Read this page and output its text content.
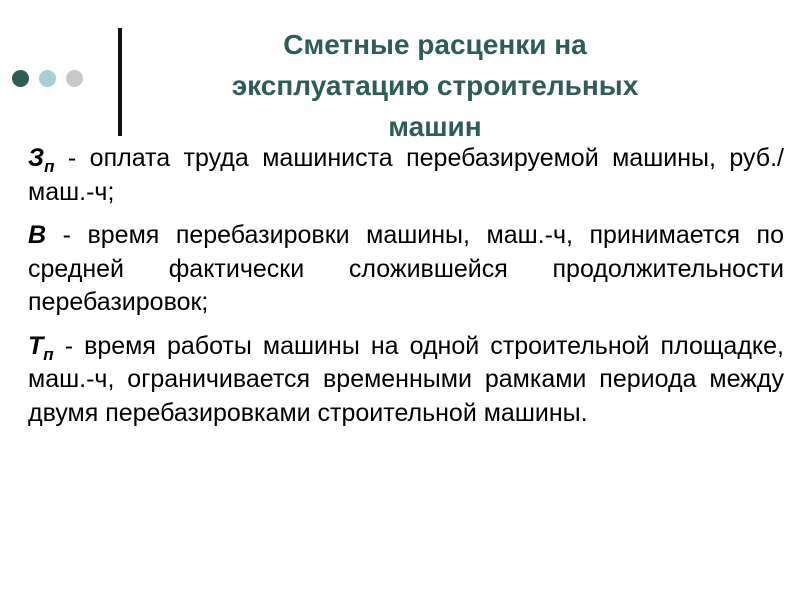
Сметные расценки на
эксплуатацию строительных
машин

$З_п$ - оплата труда машиниста перебазируемой машины, руб./маш.-ч;

В - время перебазировки машины, маш.-ч, принимается по средней фактически сложившейся продолжительности перебазировок;

$Т_п$ - время работы машины на одной строительной площадке, маш.-ч, ограничивается временными рамками периода между двумя перебазировками строительной машины.
